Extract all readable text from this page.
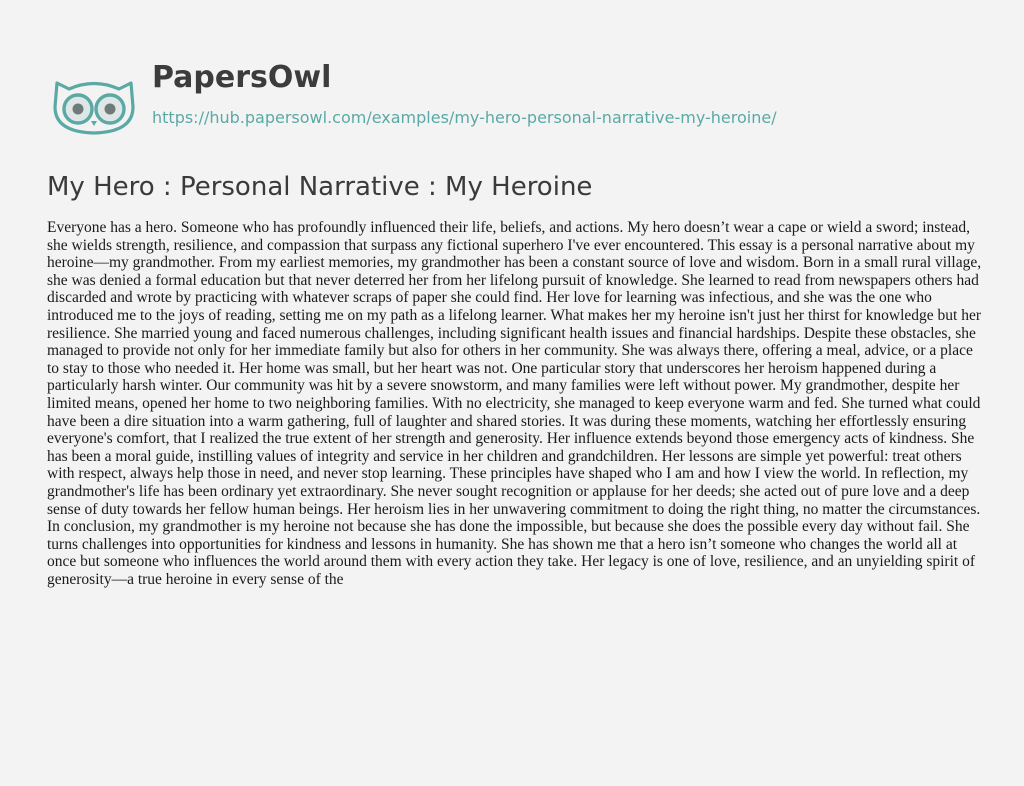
PapersOwl
https://hub.papersowl.com/examples/my-hero-personal-narrative-my-heroine/
My Hero : Personal Narrative : My Heroine

Everyone has a hero. Someone who has profoundly influenced their life, beliefs, and actions. My hero doesn’t wear a cape or wield a sword; instead, she wields strength, resilience, and compassion that surpass any fictional superhero I've ever encountered. This essay is a personal narrative about my heroine—my grandmother. From my earliest memories, my grandmother has been a constant source of love and wisdom. Born in a small rural village, she was denied a formal education but that never deterred her from her lifelong pursuit of knowledge. She learned to read from newspapers others had discarded and wrote by practicing with whatever scraps of paper she could find. Her love for learning was infectious, and she was the one who introduced me to the joys of reading, setting me on my path as a lifelong learner. What makes her my heroine isn't just her thirst for knowledge but her resilience. She married young and faced numerous challenges, including significant health issues and financial hardships. Despite these obstacles, she managed to provide not only for her immediate family but also for others in her community. She was always there, offering a meal, advice, or a place to stay to those who needed it. Her home was small, but her heart was not. One particular story that underscores her heroism happened during a particularly harsh winter. Our community was hit by a severe snowstorm, and many families were left without power. My grandmother, despite her limited means, opened her home to two neighboring families. With no electricity, she managed to keep everyone warm and fed. She turned what could have been a dire situation into a warm gathering, full of laughter and shared stories. It was during these moments, watching her effortlessly ensuring everyone's comfort, that I realized the true extent of her strength and generosity. Her influence extends beyond those emergency acts of kindness. She has been a moral guide, instilling values of integrity and service in her children and grandchildren. Her lessons are simple yet powerful: treat others with respect, always help those in need, and never stop learning. These principles have shaped who I am and how I view the world. In reflection, my grandmother's life has been ordinary yet extraordinary. She never sought recognition or applause for her deeds; she acted out of pure love and a deep sense of duty towards her fellow human beings. Her heroism lies in her unwavering commitment to doing the right thing, no matter the circumstances. In conclusion, my grandmother is my heroine not because she has done the impossible, but because she does the possible every day without fail. She turns challenges into opportunities for kindness and lessons in humanity. She has shown me that a hero isn’t someone who changes the world all at once but someone who influences the world around them with every action they take. Her legacy is one of love, resilience, and an unyielding spirit of generosity—a true heroine in every sense of the
